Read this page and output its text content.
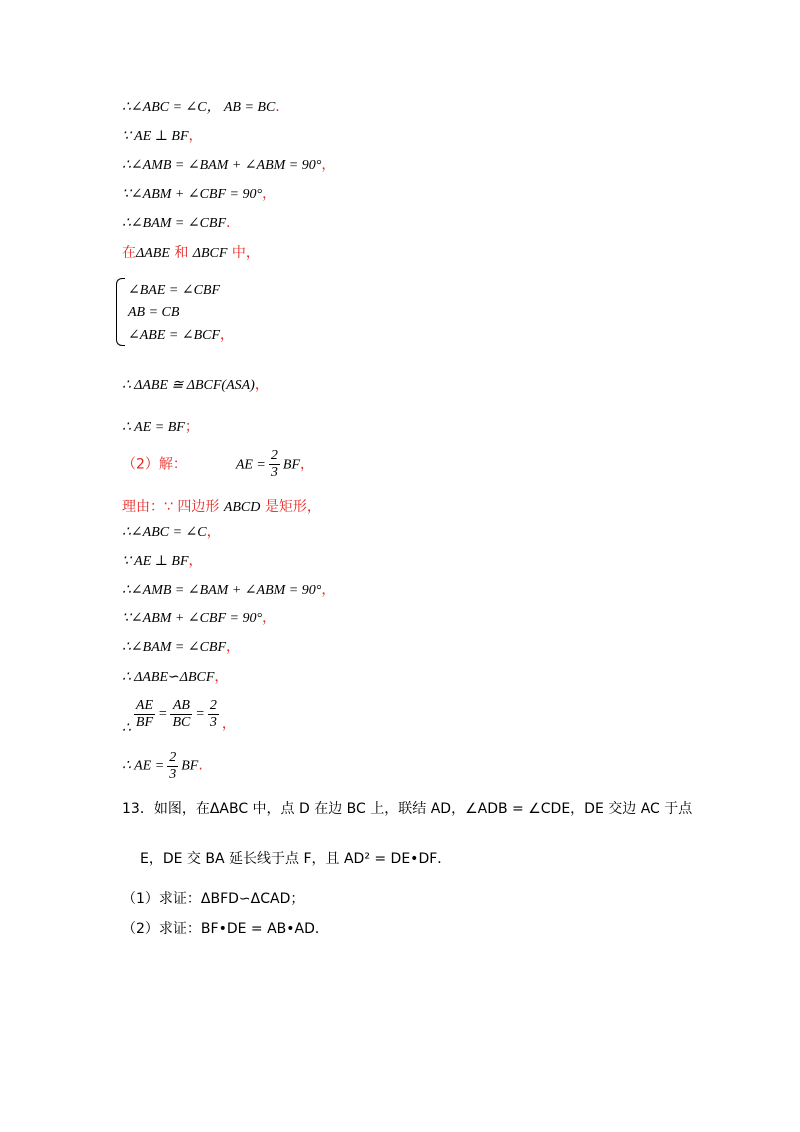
∴∠ABC = ∠C， AB = BC.
∵ AE ⊥ BF，
∴∠AMB = ∠BAM + ∠ABM = 90°，
∵∠ABM + ∠CBF = 90°，
∴∠BAM = ∠CBF.
在ΔABE 和 ΔBCF 中，
∠BAE = ∠CBF
AB = CB
∠ABE = ∠BCF，
∴ ΔABE ≅ ΔBCF(ASA)，
∴ AE = BF；
（2）解：	AE = $\frac{2}{3}$ BF，
理由：∵ 四边形 ABCD 是矩形，
∴∠ABC = ∠C，
∵ AE ⊥ BF，
∴∠AMB = ∠BAM + ∠ABM = 90°，
∵∠ABM + ∠CBF = 90°，
∴∠BAM = ∠CBF，
∴ ΔABE∽ΔBCF，
∴ $\frac{AE}{BF} = \frac{AB}{BC} = \frac{2}{3}$ ，
∴ AE = $\frac{2}{3}$ BF.
13．如图，在ΔABC 中，点 D 在边 BC 上，联结 AD，∠ADB = ∠CDE，DE 交边 AC 于点
E，DE 交 BA 延长线于点 F，且 AD² = DE•DF．
（1）求证：ΔBFD∽ΔCAD；
（2）求证：BF•DE = AB•AD．
